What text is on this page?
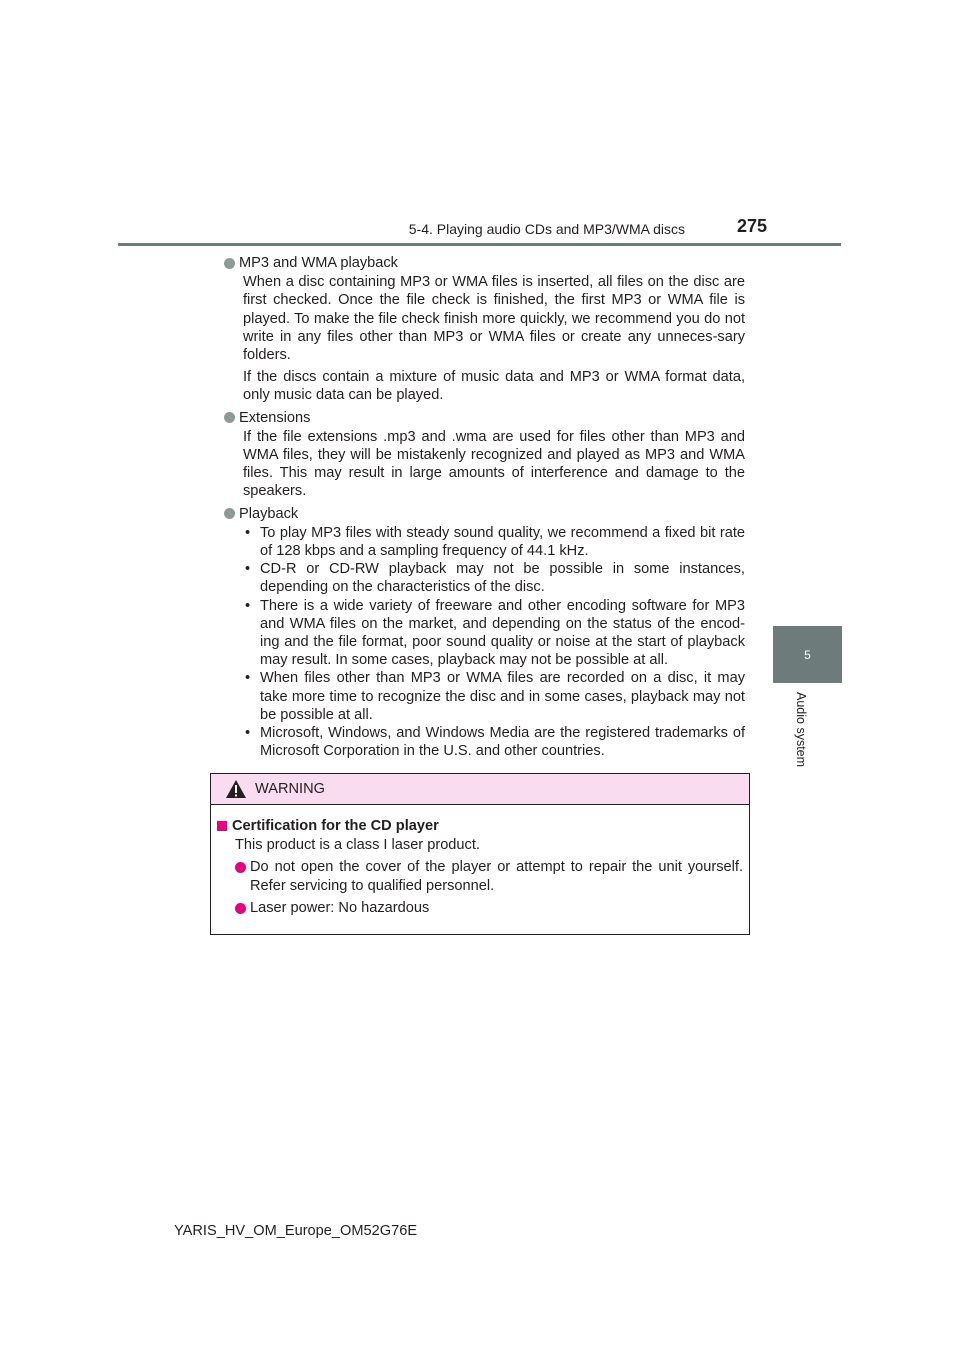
5-4. Playing audio CDs and MP3/WMA discs	275
5
Audio system
MP3 and WMA playback

When a disc containing MP3 or WMA files is inserted, all files on the disc are first checked. Once the file check is finished, the first MP3 or WMA file is played. To make the file check finish more quickly, we recommend you do not write in any files other than MP3 or WMA files or create any unneces-sary folders.

If the discs contain a mixture of music data and MP3 or WMA format data, only music data can be played.

Extensions

If the file extensions .mp3 and .wma are used for files other than MP3 and WMA files, they will be mistakenly recognized and played as MP3 and WMA files. This may result in large amounts of interference and damage to the speakers.

Playback
• To play MP3 files with steady sound quality, we recommend a fixed bit rate of 128 kbps and a sampling frequency of 44.1 kHz.
• CD-R or CD-RW playback may not be possible in some instances, depending on the characteristics of the disc.
• There is a wide variety of freeware and other encoding software for MP3 and WMA files on the market, and depending on the status of the encod-ing and the file format, poor sound quality or noise at the start of playback may result. In some cases, playback may not be possible at all.
• When files other than MP3 or WMA files are recorded on a disc, it may take more time to recognize the disc and in some cases, playback may not be possible at all.
• Microsoft, Windows, and Windows Media are the registered trademarks of Microsoft Corporation in the U.S. and other countries.
WARNING
Certification for the CD player
This product is a class I laser product.
Do not open the cover of the player or attempt to repair the unit yourself. Refer servicing to qualified personnel.
Laser power: No hazardous
YARIS_HV_OM_Europe_OM52G76E
